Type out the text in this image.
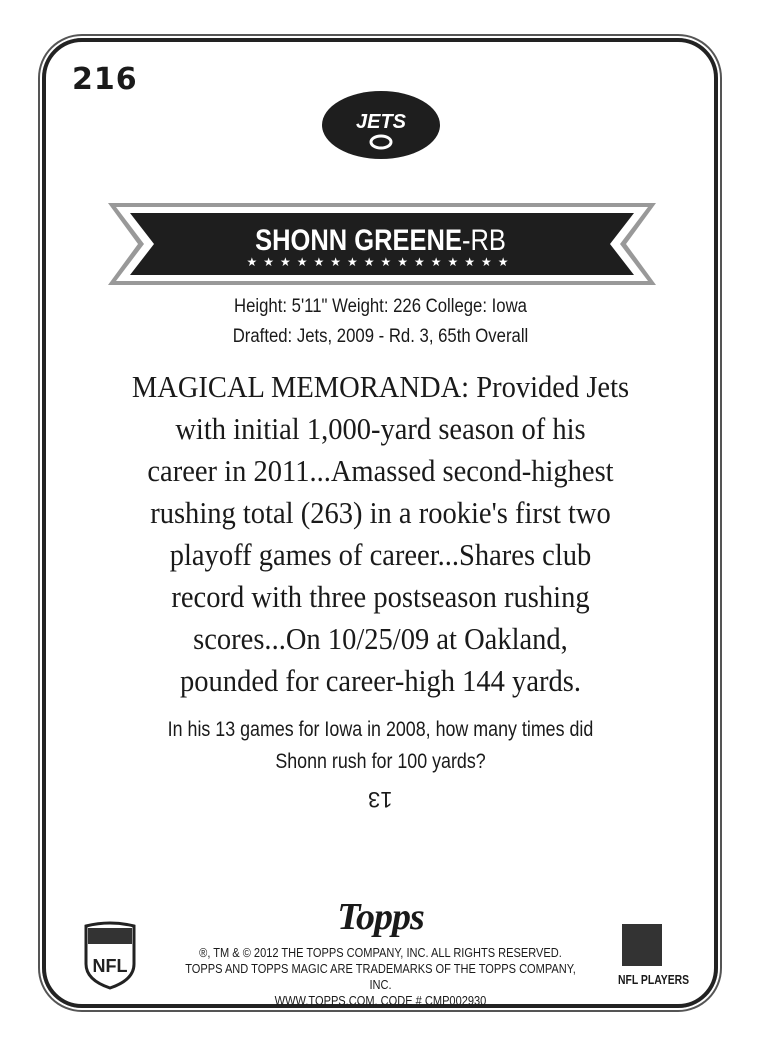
216
JETS
SHONN GREENE-RB
★★★★★★★★★★★★★★★★
Height: 5'11" Weight: 226 College: Iowa
Drafted: Jets, 2009 - Rd. 3, 65th Overall
MAGICAL MEMORANDA: Provided Jets
with initial 1,000-yard season of his
career in 2011...Amassed second-highest
rushing total (263) in a rookie's first two
playoff games of career...Shares club
record with three postseason rushing
scores...On 10/25/09 at Oakland,
pounded for career-high 144 yards.
In his 13 games for Iowa in 2008, how many times did
Shonn rush for 100 yards?
13
Topps
®, TM & © 2012 THE TOPPS COMPANY, INC. ALL RIGHTS RESERVED.
TOPPS AND TOPPS MAGIC ARE TRADEMARKS OF THE TOPPS COMPANY, INC.
WWW.TOPPS.COM. CODE # CMP002930
NFL
NFL PLAYERS
